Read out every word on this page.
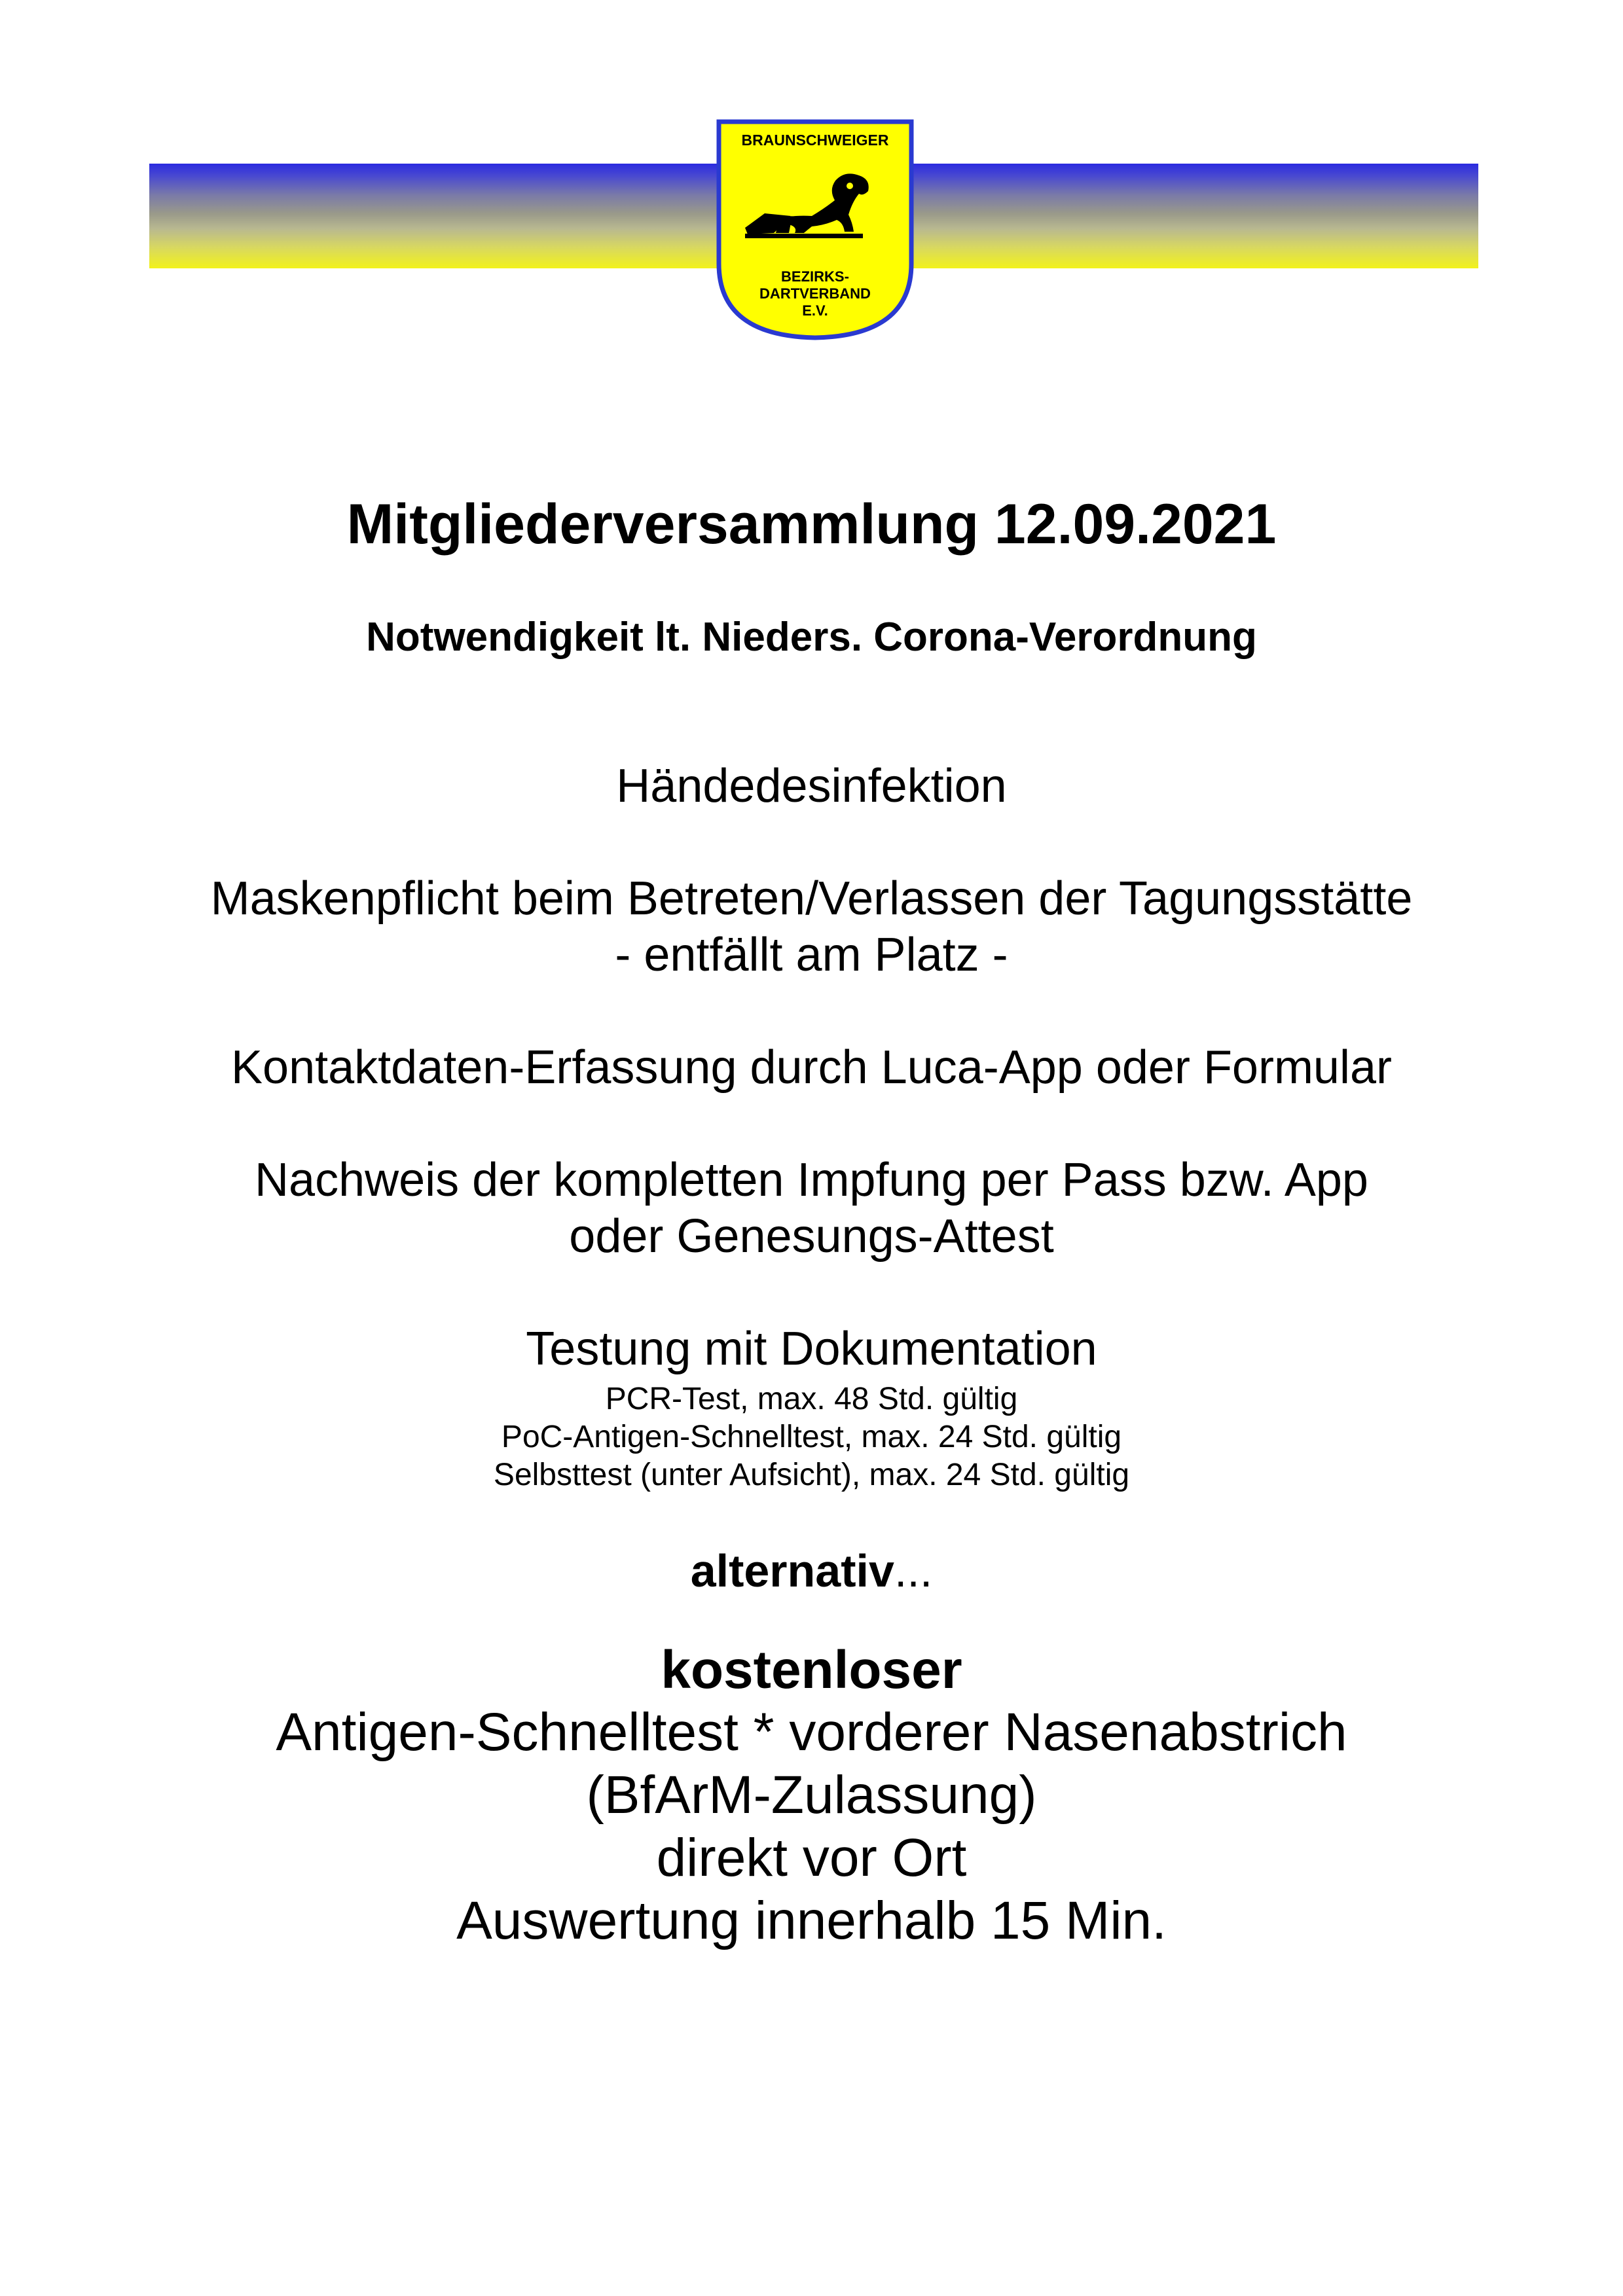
BRAUNSCHWEIGER
BEZIRKS-
DARTVERBAND
E.V.
Mitgliederversammlung 12.09.2021
Notwendigkeit lt. Nieders. Corona-Verordnung
Händedesinfektion
Maskenpflicht beim Betreten/Verlassen der Tagungsstätte
- entfällt am Platz -
Kontaktdaten-Erfassung durch Luca-App oder Formular
Nachweis der kompletten Impfung per Pass bzw. App
oder Genesungs-Attest
Testung mit Dokumentation
PCR-Test, max. 48 Std. gültig
PoC-Antigen-Schnelltest, max. 24 Std. gültig
Selbsttest (unter Aufsicht), max. 24 Std. gültig
alternativ...
kostenloser
Antigen-Schnelltest * vorderer Nasenabstrich
(BfArM-Zulassung)
direkt vor Ort
Auswertung innerhalb 15 Min.
